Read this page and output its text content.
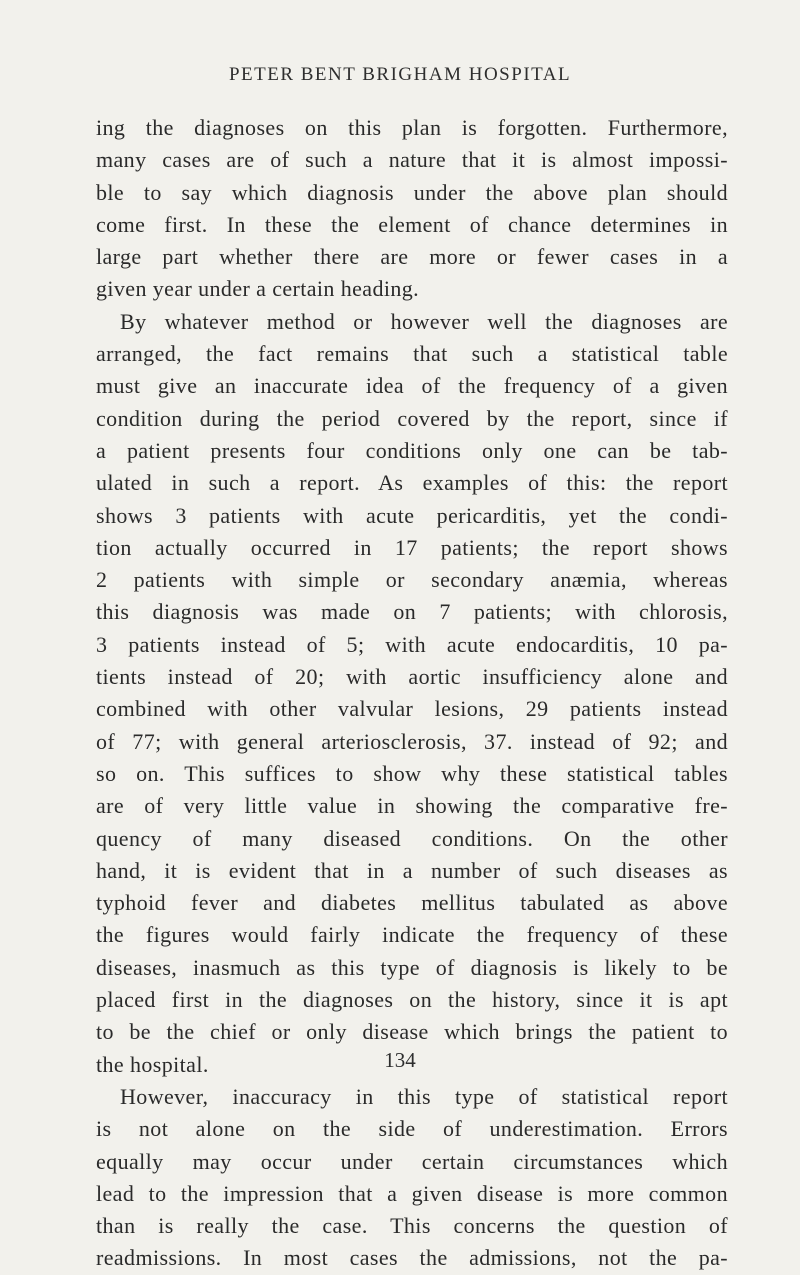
PETER BENT BRIGHAM HOSPITAL
ing the diagnoses on this plan is forgotten. Furthermore,
many cases are of such a nature that it is almost impossi-
ble to say which diagnosis under the above plan should
come first. In these the element of chance determines in
large part whether there are more or fewer cases in a
given year under a certain heading.
By whatever method or however well the diagnoses are
arranged, the fact remains that such a statistical table
must give an inaccurate idea of the frequency of a given
condition during the period covered by the report, since if
a patient presents four conditions only one can be tab-
ulated in such a report. As examples of this: the report
shows 3 patients with acute pericarditis, yet the condi-
tion actually occurred in 17 patients; the report shows
2 patients with simple or secondary anæmia, whereas
this diagnosis was made on 7 patients; with chlorosis,
3 patients instead of 5; with acute endocarditis, 10 pa-
tients instead of 20; with aortic insufficiency alone and
combined with other valvular lesions, 29 patients instead
of 77; with general arteriosclerosis, 37. instead of 92; and
so on. This suffices to show why these statistical tables
are of very little value in showing the comparative fre-
quency of many diseased conditions. On the other
hand, it is evident that in a number of such diseases as
typhoid fever and diabetes mellitus tabulated as above
the figures would fairly indicate the frequency of these
diseases, inasmuch as this type of diagnosis is likely to be
placed first in the diagnoses on the history, since it is apt
to be the chief or only disease which brings the patient to
the hospital.
However, inaccuracy in this type of statistical report
is not alone on the side of underestimation. Errors
equally may occur under certain circumstances which
lead to the impression that a given disease is more common
than is really the case. This concerns the question of
readmissions. In most cases the admissions, not the pa-
134
